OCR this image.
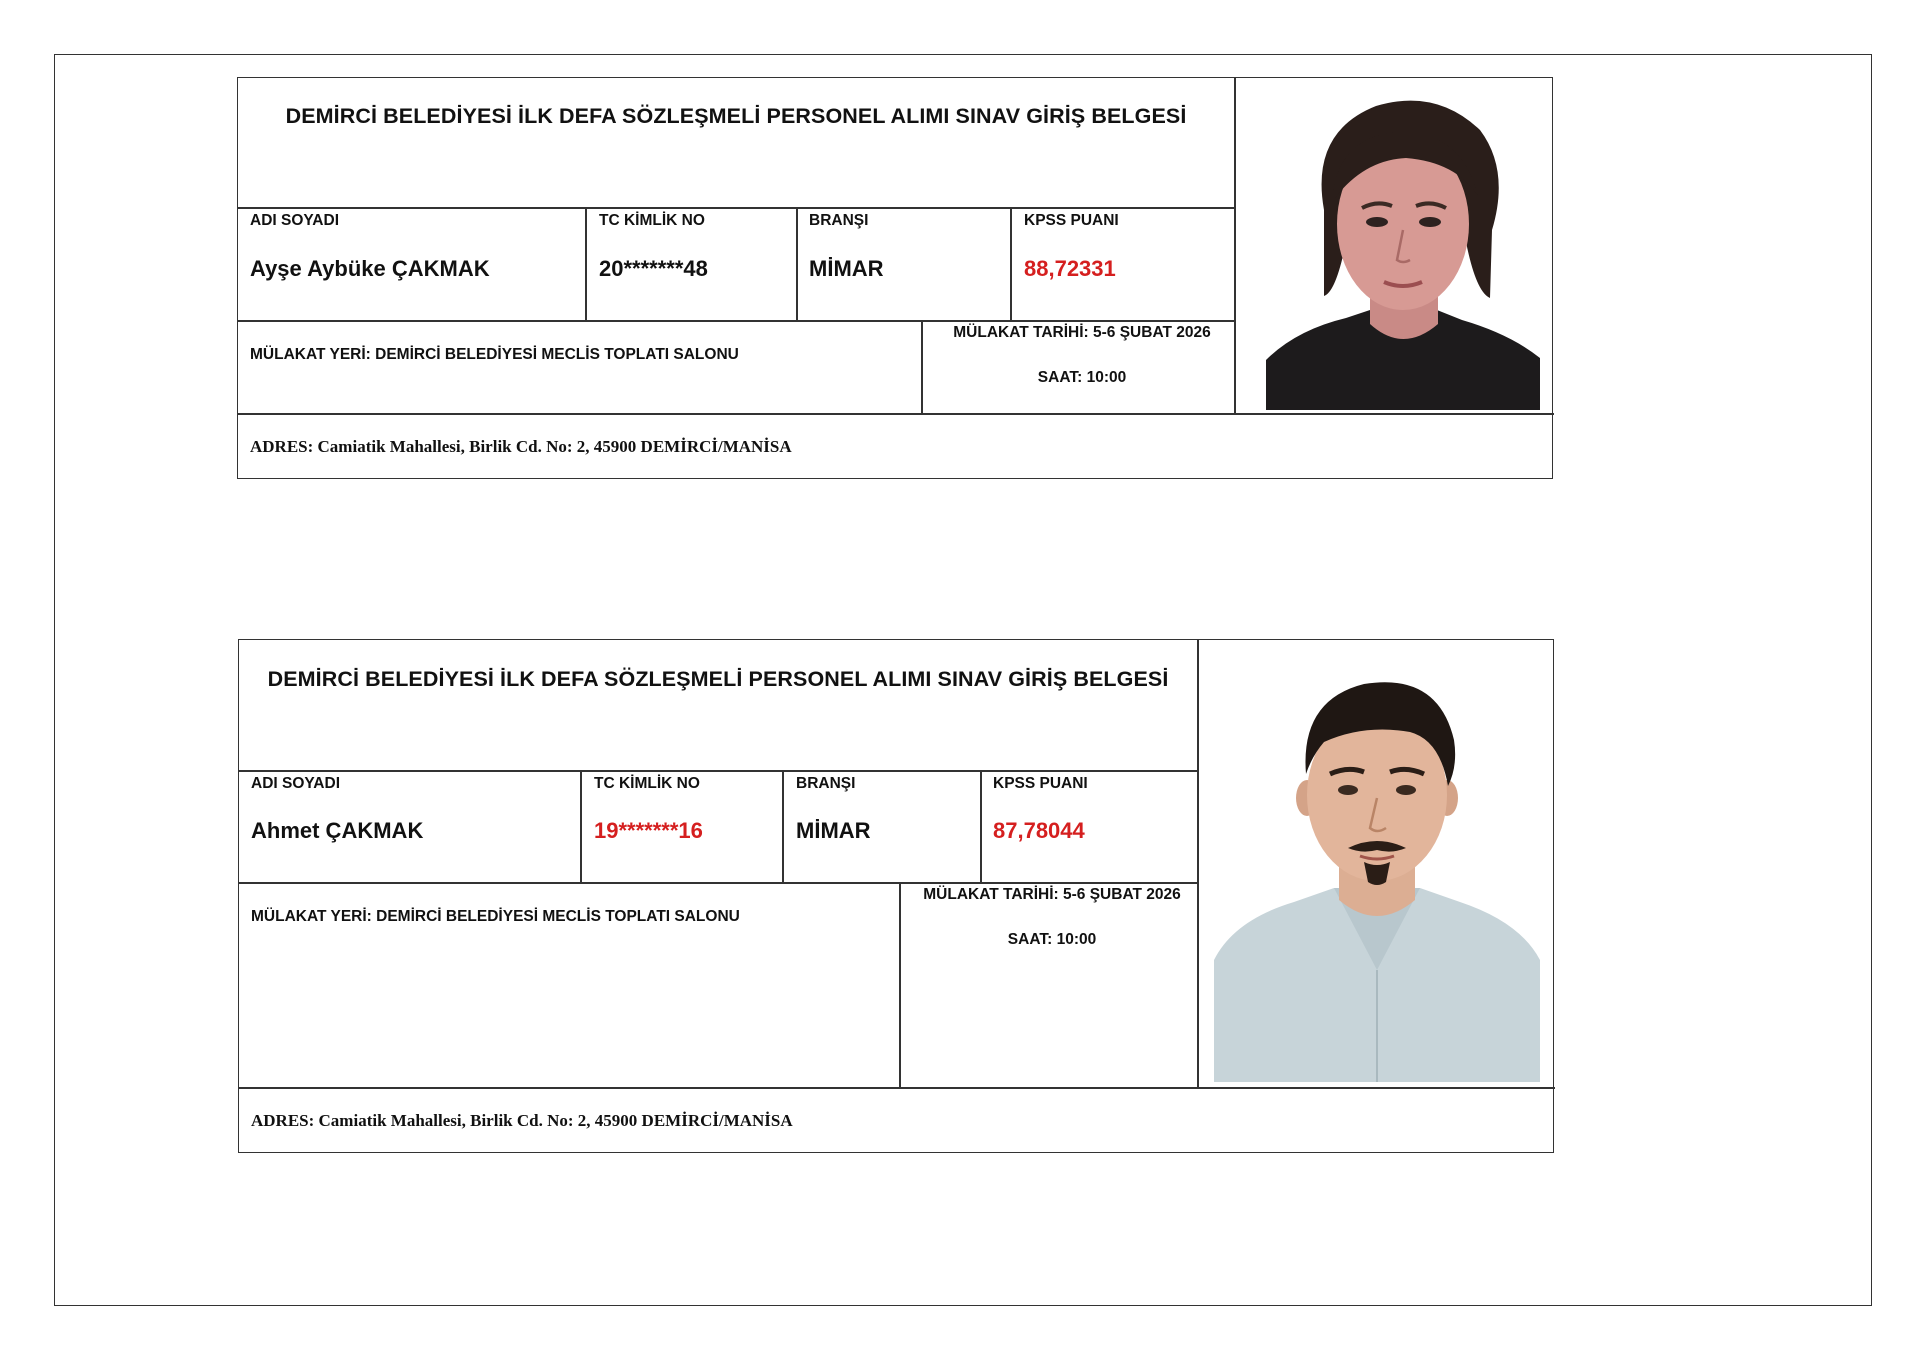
DEMİRCİ BELEDİYESİ İLK DEFA SÖZLEŞMELİ PERSONEL ALIMI SINAV GİRİŞ BELGESİ
ADI SOYADI
Ayşe Aybüke ÇAKMAK
TC KİMLİK NO
20*******48
BRANŞI
MİMAR
KPSS PUANI
88,72331
MÜLAKAT YERİ: DEMİRCİ BELEDİYESİ MECLİS TOPLATI SALONU
MÜLAKAT TARİHİ: 5-6 ŞUBAT 2026
SAAT: 10:00
ADRES: Camiatik Mahallesi, Birlik Cd. No: 2, 45900 DEMİRCİ/MANİSA
DEMİRCİ BELEDİYESİ İLK DEFA SÖZLEŞMELİ PERSONEL ALIMI SINAV GİRİŞ BELGESİ
ADI SOYADI
Ahmet ÇAKMAK
TC KİMLİK NO
19*******16
BRANŞI
MİMAR
KPSS PUANI
87,78044
MÜLAKAT YERİ: DEMİRCİ BELEDİYESİ MECLİS TOPLATI SALONU
MÜLAKAT TARİHİ: 5-6 ŞUBAT 2026
SAAT: 10:00
ADRES: Camiatik Mahallesi, Birlik Cd. No: 2, 45900 DEMİRCİ/MANİSA
